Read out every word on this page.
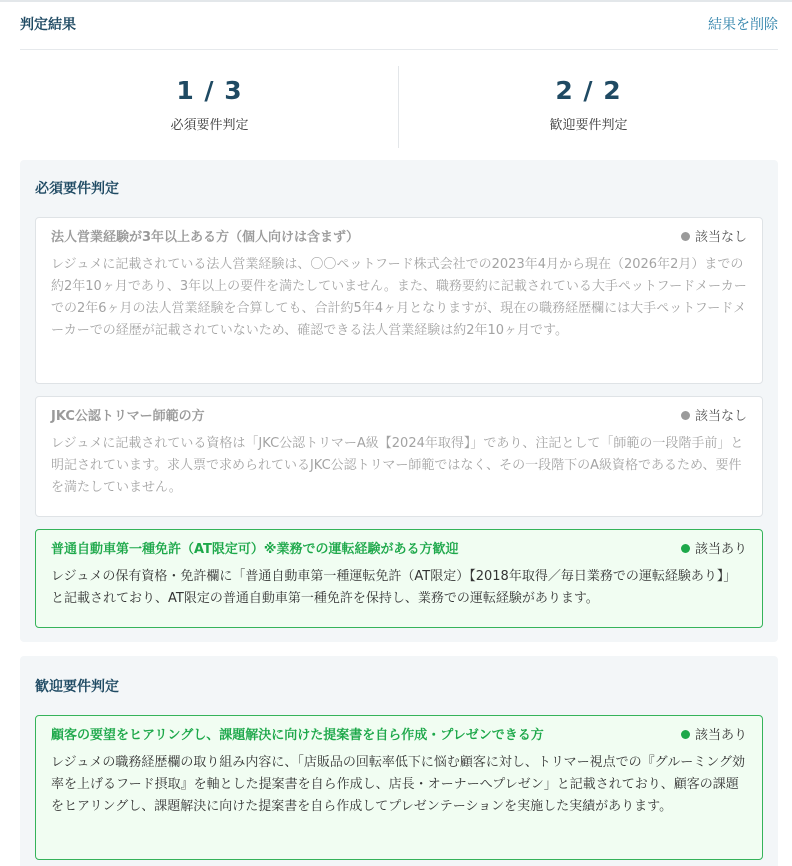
判定結果	結果を削除
1 / 3
必須要件判定
2 / 2
歓迎要件判定
必須要件判定
法人営業経験が3年以上ある方（個人向けは含まず）	該当なし
レジュメに記載されている法人営業経験は、〇〇ペットフード株式会社での2023年4月から現在（2026年2月）までの約2年10ヶ月であり、3年以上の要件を満たしていません。また、職務要約に記載されている大手ペットフードメーカーでの2年6ヶ月の法人営業経験を合算しても、合計約5年4ヶ月となりますが、現在の職務経歴欄には大手ペットフードメーカーでの経歴が記載されていないため、確認できる法人営業経験は約2年10ヶ月です。
JKC公認トリマー師範の方	該当なし
レジュメに記載されている資格は「JKC公認トリマーA級【2024年取得】」であり、注記として「師範の一段階手前」と明記されています。求人票で求められているJKC公認トリマー師範ではなく、その一段階下のA級資格であるため、要件を満たしていません。
普通自動車第一種免許（AT限定可）※業務での運転経験がある方歓迎	該当あり
レジュメの保有資格・免許欄に「普通自動車第一種運転免許（AT限定）【2018年取得／毎日業務での運転経験あり】」と記載されており、AT限定の普通自動車第一種免許を保持し、業務での運転経験があります。
歓迎要件判定
顧客の要望をヒアリングし、課題解決に向けた提案書を自ら作成・プレゼンできる方	該当あり
レジュメの職務経歴欄の取り組み内容に、「店販品の回転率低下に悩む顧客に対し、トリマー視点での『グルーミング効率を上げるフード摂取』を軸とした提案書を自ら作成し、店長・オーナーへプレゼン」と記載されており、顧客の課題をヒアリングし、課題解決に向けた提案書を自ら作成してプレゼンテーションを実施した実績があります。
